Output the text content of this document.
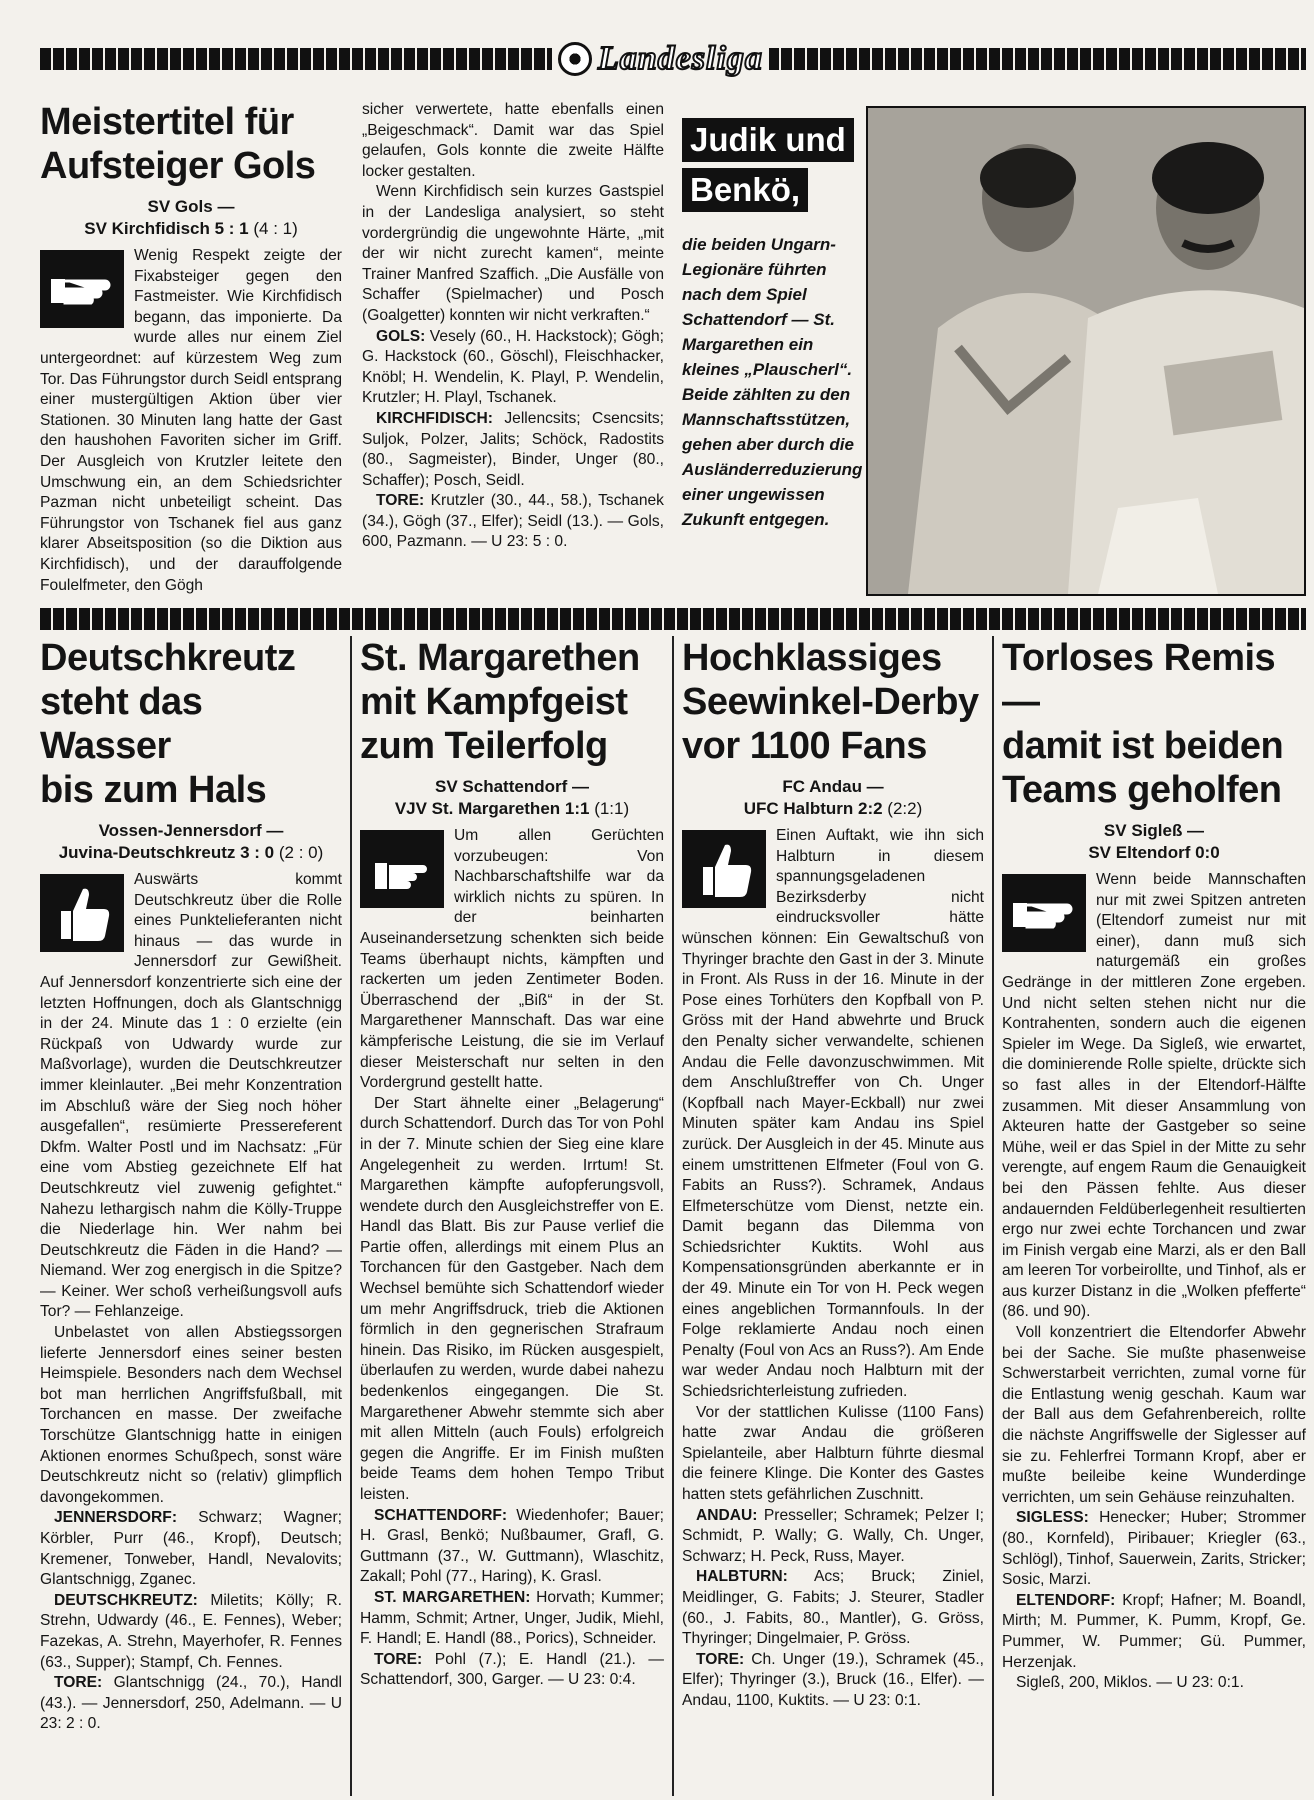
Landesliga
Meistertitel für
Aufsteiger Gols
SV Gols —
SV Kirchfidisch 5 : 1 (4 : 1)

Wenig Respekt zeigte der Fixabsteiger gegen den Fastmeister. Wie Kirchfidisch begann, das imponierte. Da wurde alles nur einem Ziel untergeordnet: auf kürzestem Weg zum Tor. Das Führungstor durch Seidl entsprang einer mustergültigen Aktion über vier Stationen. 30 Minuten lang hatte der Gast den haushohen Favoriten sicher im Griff. Der Ausgleich von Krutzler leitete den Umschwung ein, an dem Schiedsrichter Pazman nicht unbeteiligt scheint. Das Führungstor von Tschanek fiel aus ganz klarer Abseitsposition (so die Diktion aus Kirchfidisch), und der darauffolgende Foulelfmeter, den Gögh

sicher verwertete, hatte ebenfalls einen „Beigeschmack“. Damit war das Spiel gelaufen, Gols konnte die zweite Hälfte locker gestalten.

Wenn Kirchfidisch sein kurzes Gastspiel in der Landesliga analysiert, so steht vordergründig die ungewohnte Härte, „mit der wir nicht zurecht kamen“, meinte Trainer Manfred Szaffich. „Die Ausfälle von Schaffer (Spielmacher) und Posch (Goalgetter) konnten wir nicht verkraften.“

GOLS: Vesely (60., H. Hackstock); Gögh; G. Hackstock (60., Göschl), Fleischhacker, Knöbl; H. Wendelin, K. Playl, P. Wendelin, Krutzler; H. Playl, Tschanek.

KIRCHFIDISCH: Jellencsits; Csencsits; Suljok, Polzer, Jalits; Schöck, Radostits (80., Sagmeister), Binder, Unger (80., Schaffer); Posch, Seidl.

TORE: Krutzler (30., 44., 58.), Tschanek (34.), Gögh (37., Elfer); Seidl (13.). — Gols, 600, Pazmann. — U 23: 5 : 0.

Judik und
Benkö,
die beiden Ungarn-Legionäre führten nach dem Spiel Schattendorf — St. Margarethen ein kleines „Plauscherl“. Beide zählten zu den Mannschaftsstützen, gehen aber durch die Ausländerreduzierung einer ungewissen Zukunft entgegen.
Deutschkreutz
steht das Wasser
bis zum Hals
Vossen-Jennersdorf —
Juvina-Deutschkreutz 3 : 0 (2 : 0)

Auswärts kommt Deutschkreutz über die Rolle eines Punktelieferanten nicht hinaus — das wurde in Jennersdorf zur Gewißheit. Auf Jennersdorf konzentrierte sich eine der letzten Hoffnungen, doch als Glantschnigg in der 24. Minute das 1 : 0 erzielte (ein Rückpaß von Udwardy wurde zur Maßvorlage), wurden die Deutschkreutzer immer kleinlauter. „Bei mehr Konzentration im Abschluß wäre der Sieg noch höher ausgefallen“, resümierte Pressereferent Dkfm. Walter Postl und im Nachsatz: „Für eine vom Abstieg gezeichnete Elf hat Deutschkreutz viel zuwenig gefightet.“ Nahezu lethargisch nahm die Kölly-Truppe die Niederlage hin. Wer nahm bei Deutschkreutz die Fäden in die Hand? — Niemand. Wer zog energisch in die Spitze? — Keiner. Wer schoß verheißungsvoll aufs Tor? — Fehlanzeige.

Unbelastet von allen Abstiegssorgen lieferte Jennersdorf eines seiner besten Heimspiele. Besonders nach dem Wechsel bot man herrlichen Angriffsfußball, mit Torchancen en masse. Der zweifache Torschütze Glantschnigg hatte in einigen Aktionen enormes Schußpech, sonst wäre Deutschkreutz nicht so (relativ) glimpflich davongekommen.

JENNERSDORF: Schwarz; Wagner; Körbler, Purr (46., Kropf), Deutsch; Kremener, Tonweber, Handl, Nevalovits; Glantschnigg, Zganec.

DEUTSCHKREUTZ: Miletits; Kölly; R. Strehn, Udwardy (46., E. Fennes), Weber; Fazekas, A. Strehn, Mayerhofer, R. Fennes (63., Supper); Stampf, Ch. Fennes.

TORE: Glantschnigg (24., 70.), Handl (43.). — Jennersdorf, 250, Adelmann. — U 23: 2 : 0.

St. Margarethen
mit Kampfgeist
zum Teilerfolg
SV Schattendorf —
VJV St. Margarethen 1:1 (1:1)

Um allen Gerüchten vorzubeugen: Von Nachbarschaftshilfe war da wirklich nichts zu spüren. In der beinharten Auseinandersetzung schenkten sich beide Teams überhaupt nichts, kämpften und rackerten um jeden Zentimeter Boden. Überraschend der „Biß“ in der St. Margarethener Mannschaft. Das war eine kämpferische Leistung, die sie im Verlauf dieser Meisterschaft nur selten in den Vordergrund gestellt hatte.

Der Start ähnelte einer „Belagerung“ durch Schattendorf. Durch das Tor von Pohl in der 7. Minute schien der Sieg eine klare Angelegenheit zu werden. Irrtum! St. Margarethen kämpfte aufopferungsvoll, wendete durch den Ausgleichstreffer von E. Handl das Blatt. Bis zur Pause verlief die Partie offen, allerdings mit einem Plus an Torchancen für den Gastgeber. Nach dem Wechsel bemühte sich Schattendorf wieder um mehr Angriffsdruck, trieb die Aktionen förmlich in den gegnerischen Strafraum hinein. Das Risiko, im Rücken ausgespielt, überlaufen zu werden, wurde dabei nahezu bedenkenlos eingegangen. Die St. Margarethener Abwehr stemmte sich aber mit allen Mitteln (auch Fouls) erfolgreich gegen die Angriffe. Er im Finish mußten beide Teams dem hohen Tempo Tribut leisten.

SCHATTENDORF: Wiedenhofer; Bauer; H. Grasl, Benkö; Nußbaumer, Grafl, G. Guttmann (37., W. Guttmann), Wlaschitz, Zakall; Pohl (77., Haring), K. Grasl.

ST. MARGARETHEN: Horvath; Kummer; Hamm, Schmit; Artner, Unger, Judik, Miehl, F. Handl; E. Handl (88., Porics), Schneider.

TORE: Pohl (7.); E. Handl (21.). — Schattendorf, 300, Garger. — U 23: 0:4.

Hochklassiges
Seewinkel-Derby
vor 1100 Fans
FC Andau —
UFC Halbturn 2:2 (2:2)

Einen Auftakt, wie ihn sich Halbturn in diesem spannungsgeladenen Bezirksderby nicht eindrucksvoller hätte wünschen können: Ein Gewaltschuß von Thyringer brachte den Gast in der 3. Minute in Front. Als Russ in der 16. Minute in der Pose eines Torhüters den Kopfball von P. Gröss mit der Hand abwehrte und Bruck den Penalty sicher verwandelte, schienen Andau die Felle davonzuschwimmen. Mit dem Anschlußtreffer von Ch. Unger (Kopfball nach Mayer-Eckball) nur zwei Minuten später kam Andau ins Spiel zurück. Der Ausgleich in der 45. Minute aus einem umstrittenen Elfmeter (Foul von G. Fabits an Russ?). Schramek, Andaus Elfmeterschütze vom Dienst, netzte ein. Damit begann das Dilemma von Schiedsrichter Kuktits. Wohl aus Kompensationsgründen aberkannte er in der 49. Minute ein Tor von H. Peck wegen eines angeblichen Tormannfouls. In der Folge reklamierte Andau noch einen Penalty (Foul von Acs an Russ?). Am Ende war weder Andau noch Halbturn mit der Schiedsrichterleistung zufrieden.

Vor der stattlichen Kulisse (1100 Fans) hatte zwar Andau die größeren Spielanteile, aber Halbturn führte diesmal die feinere Klinge. Die Konter des Gastes hatten stets gefährlichen Zuschnitt.

ANDAU: Presseller; Schramek; Pelzer I; Schmidt, P. Wally; G. Wally, Ch. Unger, Schwarz; H. Peck, Russ, Mayer.

HALBTURN: Acs; Bruck; Ziniel, Meidlinger, G. Fabits; J. Steurer, Stadler (60., J. Fabits, 80., Mantler), G. Gröss, Thyringer; Dingelmaier, P. Gröss.

TORE: Ch. Unger (19.), Schramek (45., Elfer); Thyringer (3.), Bruck (16., Elfer). — Andau, 1100, Kuktits. — U 23: 0:1.

Torloses Remis —
damit ist beiden
Teams geholfen
SV Sigleß —
SV Eltendorf 0:0

Wenn beide Mannschaften nur mit zwei Spitzen antreten (Eltendorf zumeist nur mit einer), dann muß sich naturgemäß ein großes Gedränge in der mittleren Zone ergeben. Und nicht selten stehen nicht nur die Kontrahenten, sondern auch die eigenen Spieler im Wege. Da Sigleß, wie erwartet, die dominierende Rolle spielte, drückte sich so fast alles in der Eltendorf-Hälfte zusammen. Mit dieser Ansammlung von Akteuren hatte der Gastgeber so seine Mühe, weil er das Spiel in der Mitte zu sehr verengte, auf engem Raum die Genauigkeit bei den Pässen fehlte. Aus dieser andauernden Feldüberlegenheit resultierten ergo nur zwei echte Torchancen und zwar im Finish vergab eine Marzi, als er den Ball am leeren Tor vorbeirollte, und Tinhof, als er aus kurzer Distanz in die „Wolken pfefferte“ (86. und 90).

Voll konzentriert die Eltendorfer Abwehr bei der Sache. Sie mußte phasenweise Schwerstarbeit verrichten, zumal vorne für die Entlastung wenig geschah. Kaum war der Ball aus dem Gefahrenbereich, rollte die nächste Angriffswelle der Siglesser auf sie zu. Fehlerfrei Tormann Kropf, aber er mußte beileibe keine Wunderdinge verrichten, um sein Gehäuse reinzuhalten.

SIGLESS: Henecker; Huber; Strommer (80., Kornfeld), Piribauer; Kriegler (63., Schlögl), Tinhof, Sauerwein, Zarits, Stricker; Sosic, Marzi.

ELTENDORF: Kropf; Hafner; M. Boandl, Mirth; M. Pummer, K. Pumm, Kropf, Ge. Pummer, W. Pummer; Gü. Pummer, Herzenjak.

Sigleß, 200, Miklos. — U 23: 0:1.
